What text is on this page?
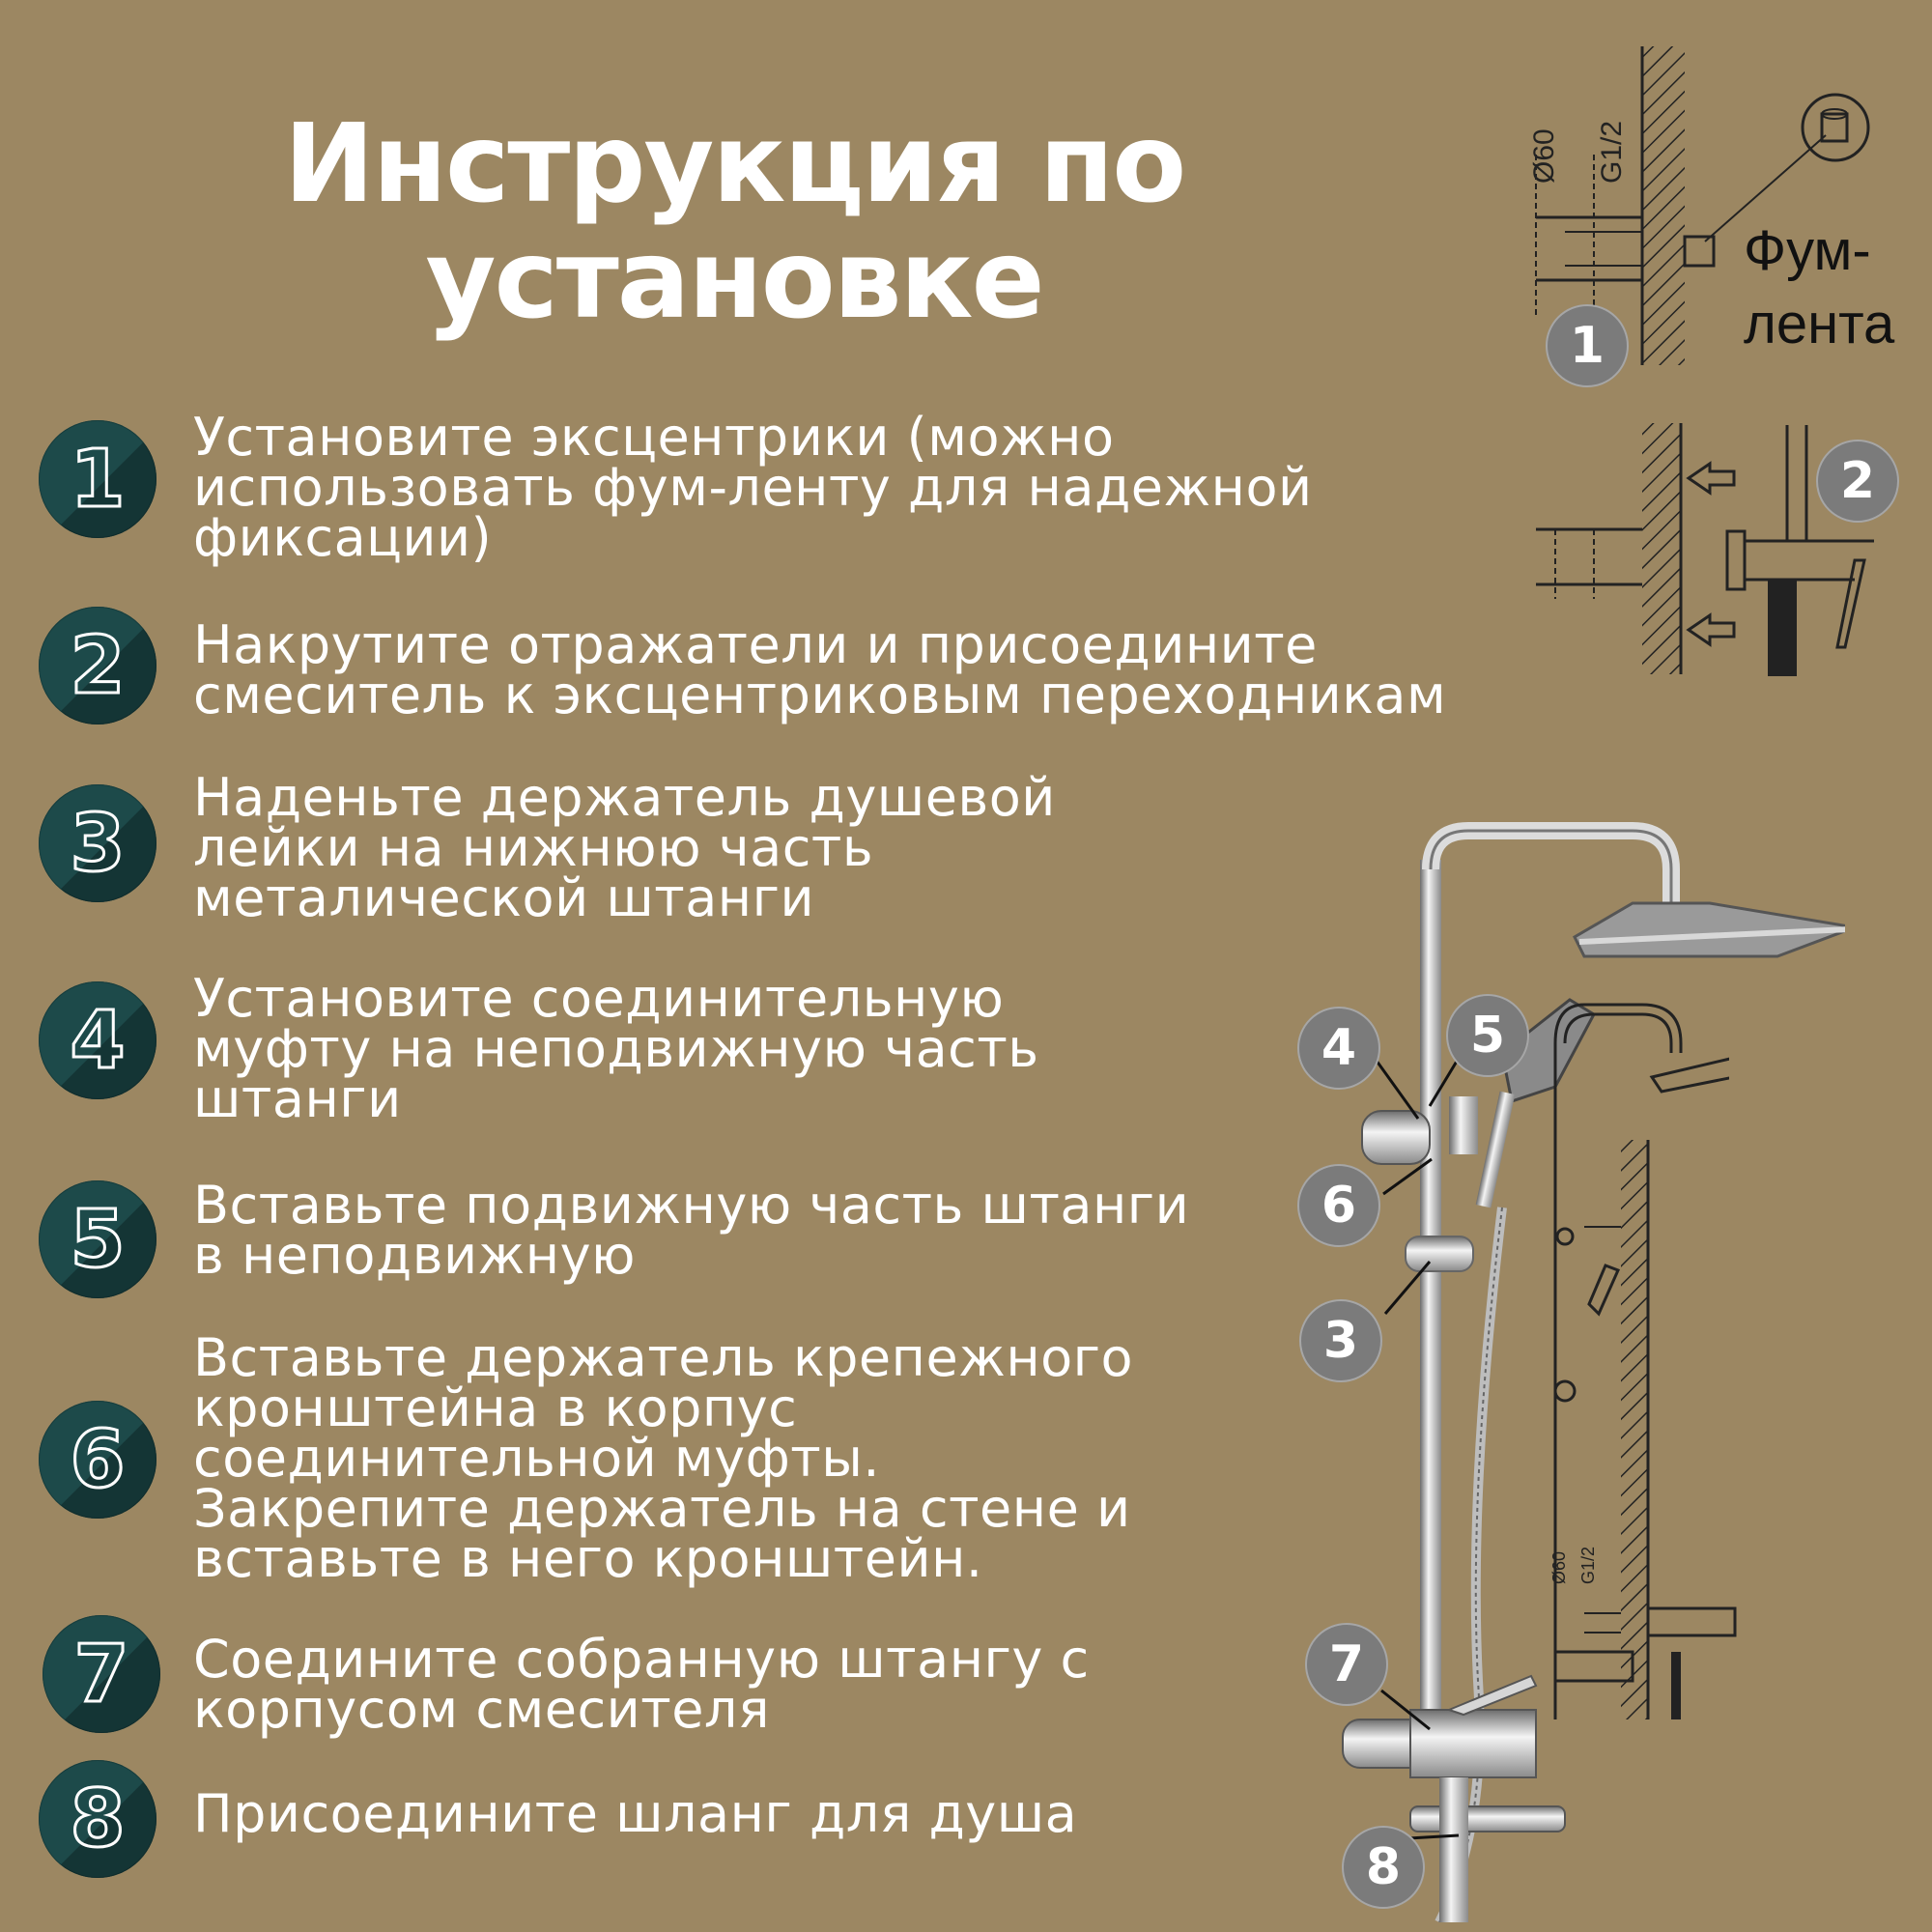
Инструкция по
установке
1	Установите эксцентрики (можно
использовать фум-ленту для надежной
фиксации)
2	Накрутите отражатели и присоедините
смеситель к эксцентриковым переходникам
3	Наденьте держатель душевой
лейки на нижнюю часть
металической штанги
4	Установите соединительную
муфту на неподвижную часть
штанги
5	Вставьте подвижную часть штанги
в неподвижную
6
Вставьте держатель крепежного
кронштейна в корпус
соединительной муфты.
Закрепите держатель на стене и
вставьте в него кронштейн.
7	Соедините собранную штангу с
корпусом смесителя
8	Присоедините шланг для душа
Ø60 G1/2
Фум-
лента
Ø60 G1/2
1
2
4	5
6
3
7
8
